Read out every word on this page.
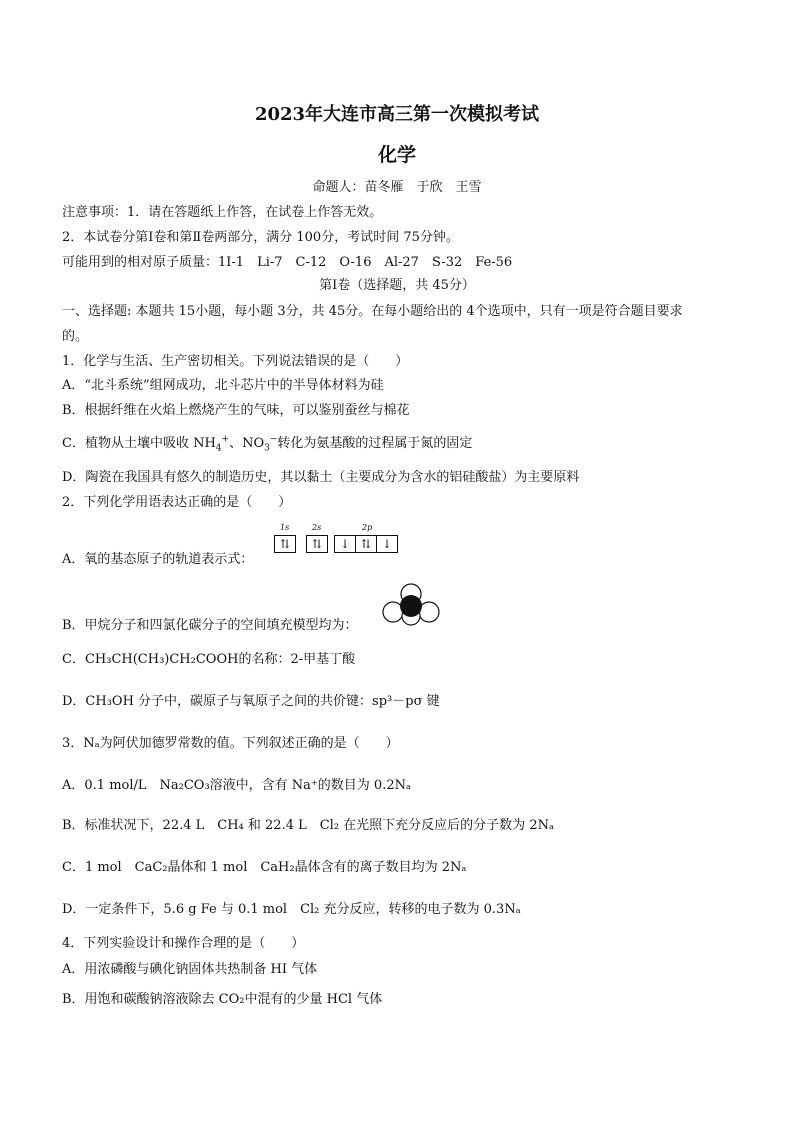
2023年大连市高三第一次模拟考试
化学
命题人：苗冬雁　于欣　王雪
注意事项：1．请在答题纸上作答，在试卷上作答无效。
2．本试卷分第Ⅰ卷和第Ⅱ卷两部分，满分 100分，考试时间 75分钟。
可能用到的相对原子质量：1I-1　Li-7　C-12　O-16　Al-27　S-32　Fe-56
第Ⅰ卷（选择题，共 45分）
一、选择题: 本题共 15小题，每小题 3分，共 45分。在每小题给出的 4个选项中，只有一项是符合题目要求
的。
1．化学与生活、生产密切相关。下列说法错误的是（　　）
A．“北斗系统”组网成功，北斗芯片中的半导体材料为硅
B．根据纤维在火焰上燃烧产生的气味，可以鉴别蚕丝与棉花
C．植物从土壤中吸收 $NH_4^+$、$NO_3^-$转化为氨基酸的过程属于氮的固定
D．陶瓷在我国具有悠久的制造历史，其以黏土（主要成分为含水的铝硅酸盐）为主要原料
2．下列化学用语表达正确的是（　　）
A．氧的基态原子的轨道表示式：
1s	2s	2p
⇅	⇅	↓ ⇅ ↓
B．甲烷分子和四氯化碳分子的空间填充模型均为：
C．CH₃CH(CH₃)CH₂COOH的名称：2-甲基丁酸
D．CH₃OH 分子中，碳原子与氧原子之间的共价键：sp³－pσ 键
3．Nₐ为阿伏加德罗常数的值。下列叙述正确的是（　　）
A．0.1 mol/L　Na₂CO₃溶液中，含有 Na⁺的数目为 0.2Nₐ
B．标准状况下，22.4 L　CH₄ 和 22.4 L　Cl₂ 在光照下充分反应后的分子数为 2Nₐ
C．1 mol　CaC₂晶体和 1 mol　CaH₂晶体含有的离子数目均为 2Nₐ
D．一定条件下，5.6 g Fe 与 0.1 mol　Cl₂ 充分反应，转移的电子数为 0.3Nₐ
4．下列实验设计和操作合理的是（　　）
A．用浓磷酸与碘化钠固体共热制备 HI 气体
B．用饱和碳酸钠溶液除去 CO₂中混有的少量 HCl 气体
